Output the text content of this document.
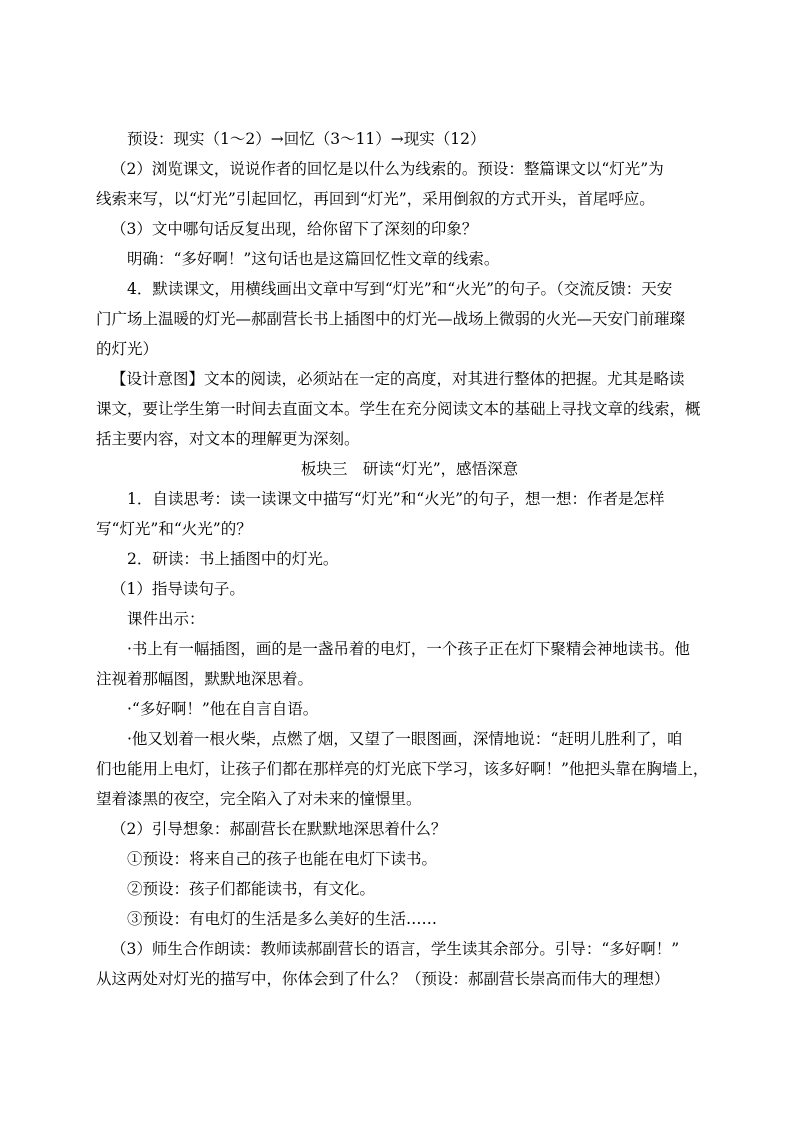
预设：现实（1～2）→回忆（3～11）→现实（12）
（2）浏览课文，说说作者的回忆是以什么为线索的。预设：整篇课文以“灯光”为
线索来写，以“灯光”引起回忆，再回到“灯光”，采用倒叙的方式开头，首尾呼应。
（3）文中哪句话反复出现，给你留下了深刻的印象？
明确：“多好啊！”这句话也是这篇回忆性文章的线索。
4．默读课文，用横线画出文章中写到“灯光”和“火光”的句子。（交流反馈：天安
门广场上温暖的灯光—郝副营长书上插图中的灯光—战场上微弱的火光—天安门前璀璨
的灯光）
【设计意图】文本的阅读，必须站在一定的高度，对其进行整体的把握。尤其是略读
课文，要让学生第一时间去直面文本。学生在充分阅读文本的基础上寻找文章的线索，概
括主要内容，对文本的理解更为深刻。
板块三　研读“灯光”，感悟深意
1．自读思考：读一读课文中描写“灯光”和“火光”的句子，想一想：作者是怎样
写“灯光”和“火光”的？
2．研读：书上插图中的灯光。
（1）指导读句子。
课件出示：
·书上有一幅插图，画的是一盏吊着的电灯，一个孩子正在灯下聚精会神地读书。他
注视着那幅图，默默地深思着。
·“多好啊！”他在自言自语。
·他又划着一根火柴，点燃了烟，又望了一眼图画，深情地说：“赶明儿胜利了，咱
们也能用上电灯，让孩子们都在那样亮的灯光底下学习，该多好啊！”他把头靠在胸墙上，
望着漆黑的夜空，完全陷入了对未来的憧憬里。
（2）引导想象：郝副营长在默默地深思着什么？
①预设：将来自己的孩子也能在电灯下读书。
②预设：孩子们都能读书，有文化。
③预设：有电灯的生活是多么美好的生活……
（3）师生合作朗读：教师读郝副营长的语言，学生读其余部分。引导：“多好啊！”
从这两处对灯光的描写中，你体会到了什么？（预设：郝副营长崇高而伟大的理想）
